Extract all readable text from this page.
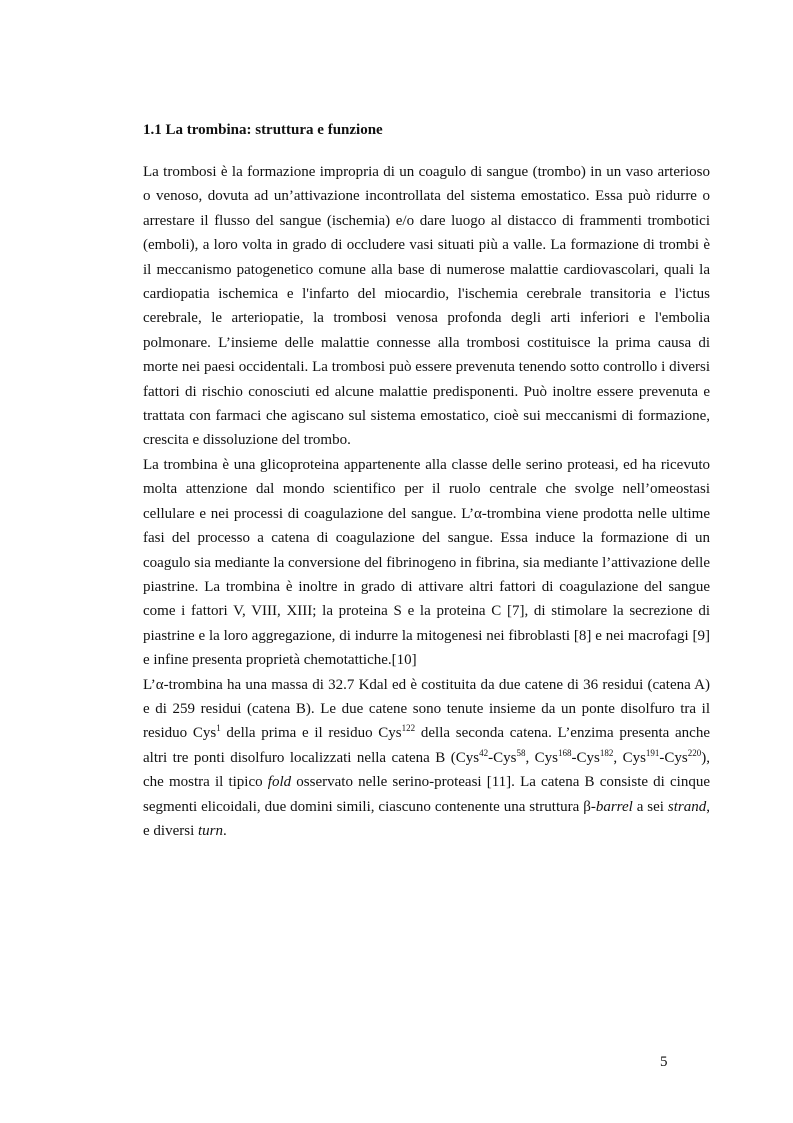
1.1 La trombina: struttura e funzione

La trombosi è la formazione impropria di un coagulo di sangue (trombo) in un vaso arterioso o venoso, dovuta ad un’attivazione incontrollata del sistema emostatico. Essa può ridurre o arrestare il flusso del sangue (ischemia) e/o dare luogo al distacco di frammenti trombotici (emboli), a loro volta in grado di occludere vasi situati più a valle. La formazione di trombi è il meccanismo patogenetico comune alla base di numerose malattie cardiovascolari, quali la cardiopatia ischemica e l'infarto del miocardio, l'ischemia cerebrale transitoria e l'ictus cerebrale, le arteriopatie, la trombosi venosa profonda degli arti inferiori e l'embolia polmonare. L’insieme delle malattie connesse alla trombosi costituisce la prima causa di morte nei paesi occidentali. La trombosi può essere prevenuta tenendo sotto controllo i diversi fattori di rischio conosciuti ed alcune malattie predisponenti. Può inoltre essere prevenuta e trattata con farmaci che agiscano sul sistema emostatico, cioè sui meccanismi di formazione, crescita e dissoluzione del trombo.

La trombina è una glicoproteina appartenente alla classe delle serino proteasi, ed ha ricevuto molta attenzione dal mondo scientifico per il ruolo centrale che svolge nell’omeostasi cellulare e nei processi di coagulazione del sangue. L’α-trombina viene prodotta nelle ultime fasi del processo a catena di coagulazione del sangue. Essa induce la formazione di un coagulo sia mediante la conversione del fibrinogeno in fibrina, sia mediante l’attivazione delle piastrine. La trombina è inoltre in grado di attivare altri fattori di coagulazione del sangue come i fattori V, VIII, XIII; la proteina S e la proteina C [7], di stimolare la secrezione di piastrine e la loro aggregazione, di indurre la mitogenesi nei fibroblasti [8] e nei macrofagi [9] e infine presenta proprietà chemotattiche.[10]

L’α-trombina ha una massa di 32.7 Kdal ed è costituita da due catene di 36 residui (catena A) e di 259 residui (catena B). Le due catene sono tenute insieme da un ponte disolfuro tra il residuo Cys$^1$ della prima e il residuo Cys$^{122}$ della seconda catena. L’enzima presenta anche altri tre ponti disolfuro localizzati nella catena B (Cys$^{42}$-Cys$^{58}$, Cys$^{168}$-Cys$^{182}$, Cys$^{191}$-Cys$^{220}$), che mostra il tipico fold osservato nelle serino-proteasi [11]. La catena B consiste di cinque segmenti elicoidali, due domini simili, ciascuno contenente una struttura β-barrel a sei strand, e diversi turn.

5
